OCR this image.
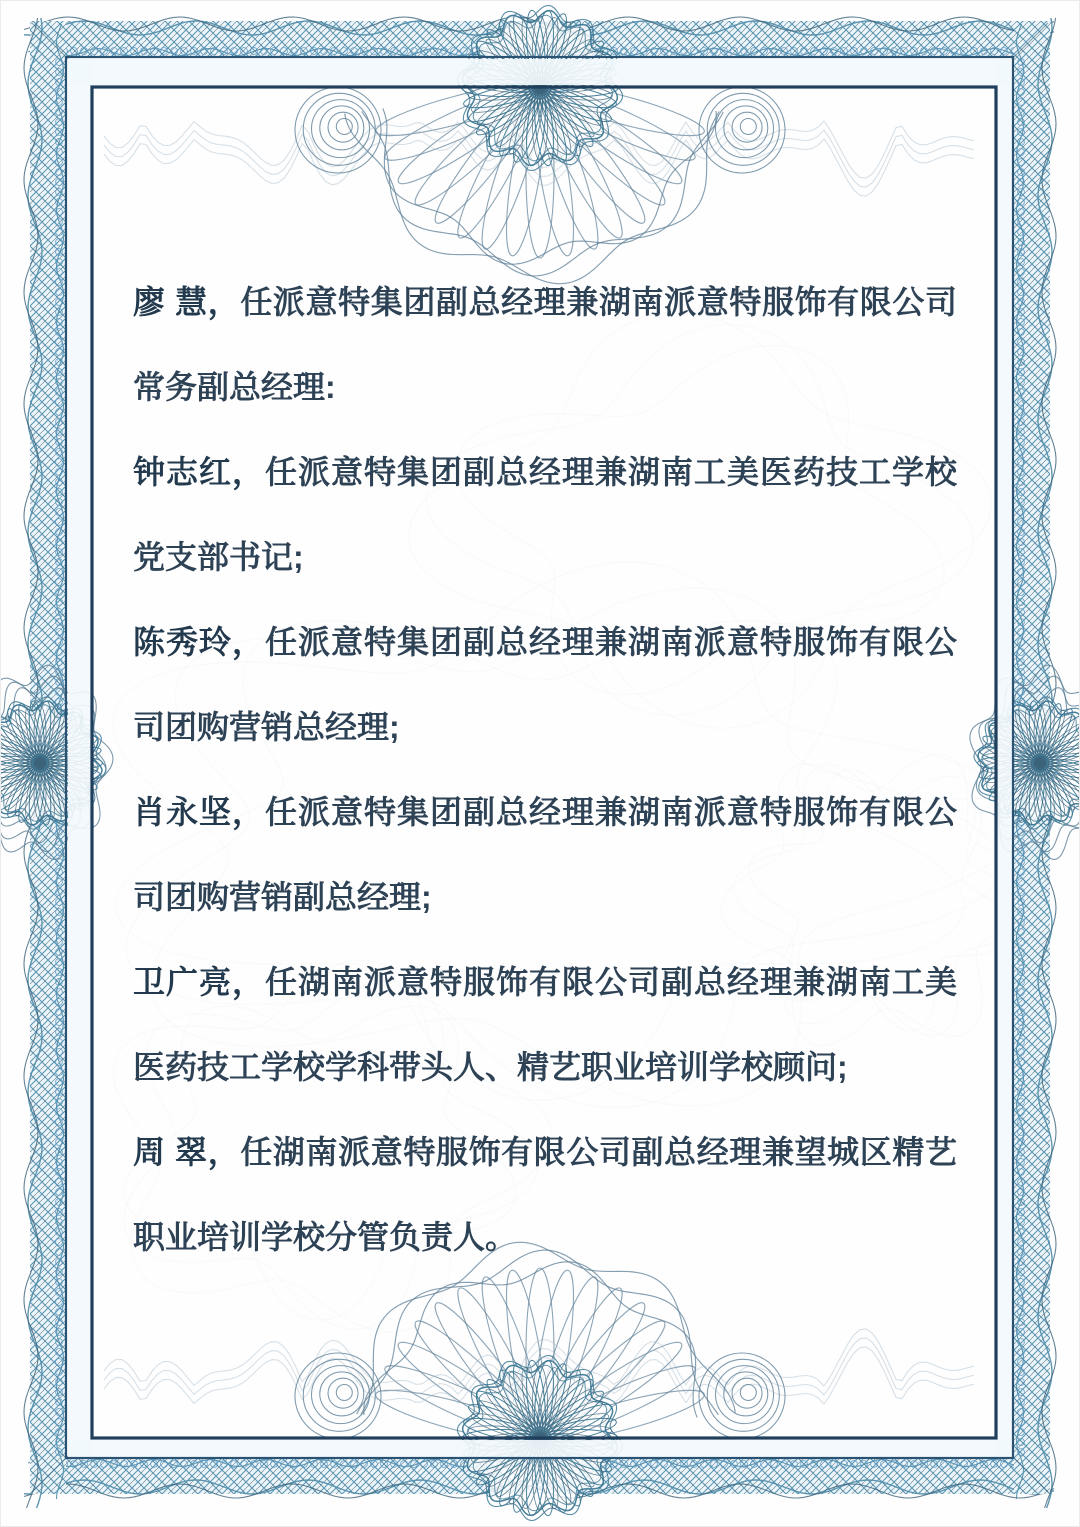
廖 慧，任派意特集团副总经理兼湖南派意特服饰有限公司常务副总经理:

钟志红，任派意特集团副总经理兼湖南工美医药技工学校党支部书记;

陈秀玲，任派意特集团副总经理兼湖南派意特服饰有限公司团购营销总经理;

肖永坚，任派意特集团副总经理兼湖南派意特服饰有限公司团购营销副总经理;

卫广亮，任湖南派意特服饰有限公司副总经理兼湖南工美医药技工学校学科带头人、精艺职业培训学校顾问;

周 翠，任湖南派意特服饰有限公司副总经理兼望城区精艺职业培训学校分管负责人。
